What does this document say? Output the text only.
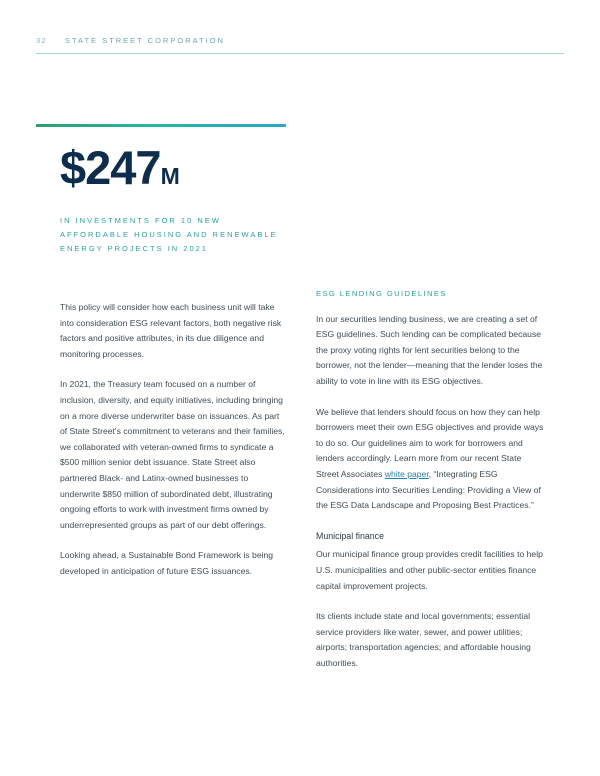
32 STATE STREET CORPORATION
$247M
IN INVESTMENTS FOR 10 NEW AFFORDABLE HOUSING AND RENEWABLE ENERGY PROJECTS IN 2021

This policy will consider how each business unit will take into consideration ESG relevant factors, both negative risk factors and positive attributes, in its due diligence and monitoring processes.

In 2021, the Treasury team focused on a number of inclusion, diversity, and equity initiatives, including bringing on a more diverse underwriter base on issuances. As part of State Street's commitment to veterans and their families, we collaborated with veteran-owned firms to syndicate a $500 million senior debt issuance. State Street also partnered Black- and Latinx-owned businesses to underwrite $850 million of subordinated debt, illustrating ongoing efforts to work with investment firms owned by underrepresented groups as part of our debt offerings.

Looking ahead, a Sustainable Bond Framework is being developed in anticipation of future ESG issuances.

ESG LENDING GUIDELINES

In our securities lending business, we are creating a set of ESG guidelines. Such lending can be complicated because the proxy voting rights for lent securities belong to the borrower, not the lender—meaning that the lender loses the ability to vote in line with its ESG objectives.

We believe that lenders should focus on how they can help borrowers meet their own ESG objectives and provide ways to do so. Our guidelines aim to work for borrowers and lenders accordingly. Learn more from our recent State Street Associates white paper, “Integrating ESG Considerations into Securities Lending: Providing a View of the ESG Data Landscape and Proposing Best Practices.”

Municipal finance

Our municipal finance group provides credit facilities to help U.S. municipalities and other public-sector entities finance capital improvement projects.

Its clients include state and local governments; essential service providers like water, sewer, and power utilities; airports; transportation agencies; and affordable housing authorities.
